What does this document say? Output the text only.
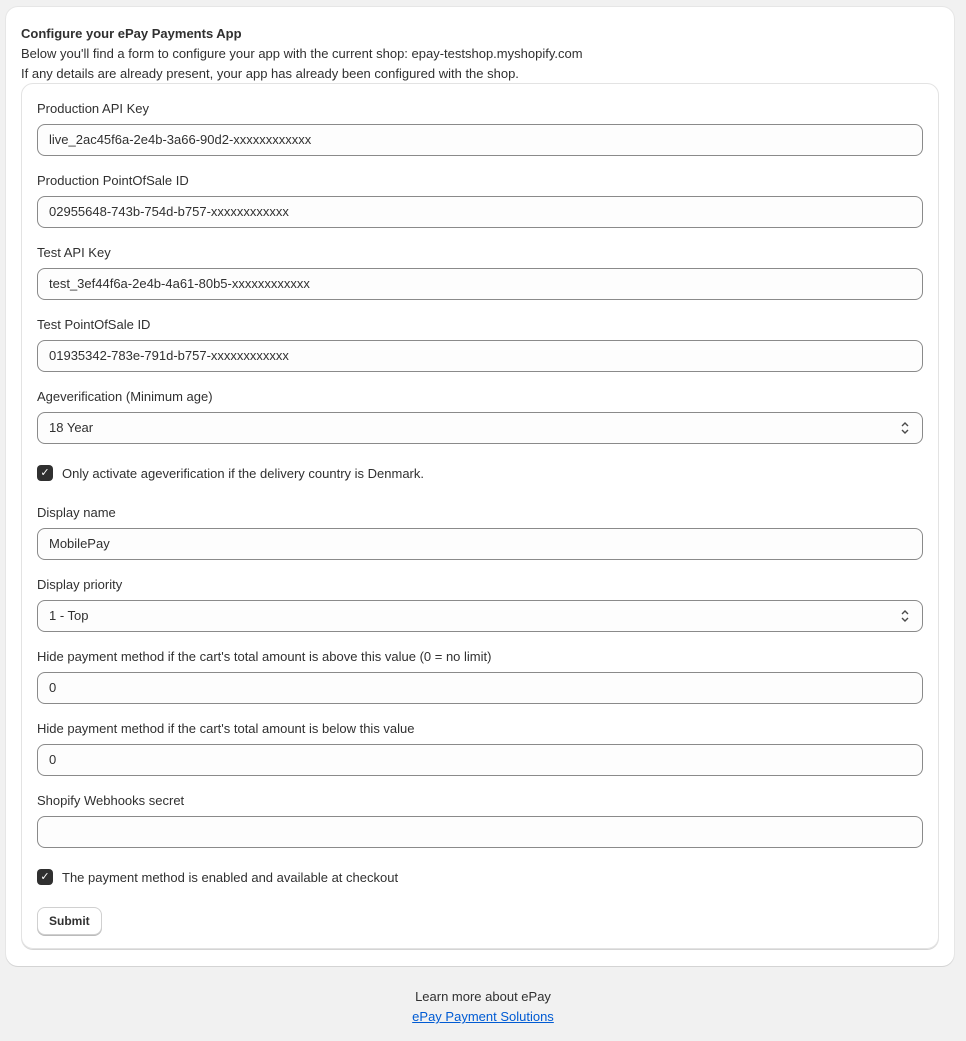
Configure your ePay Payments App
Below you'll find a form to configure your app with the current shop: epay-testshop.myshopify.com
If any details are already present, your app has already been configured with the shop.
Production API Key
live_2ac45f6a-2e4b-3a66-90d2-xxxxxxxxxxxx
Production PointOfSale ID
02955648-743b-754d-b757-xxxxxxxxxxxx
Test API Key
test_3ef44f6a-2e4b-4a61-80b5-xxxxxxxxxxxx
Test PointOfSale ID
01935342-783e-791d-b757-xxxxxxxxxxxx
Ageverification (Minimum age)
18 Year
✓ Only activate ageverification if the delivery country is Denmark.
Display name
MobilePay
Display priority
1 - Top
Hide payment method if the cart's total amount is above this value (0 = no limit)
0
Hide payment method if the cart's total amount is below this value
0
Shopify Webhooks secret
✓ The payment method is enabled and available at checkout
Submit
Learn more about ePay
ePay Payment Solutions
